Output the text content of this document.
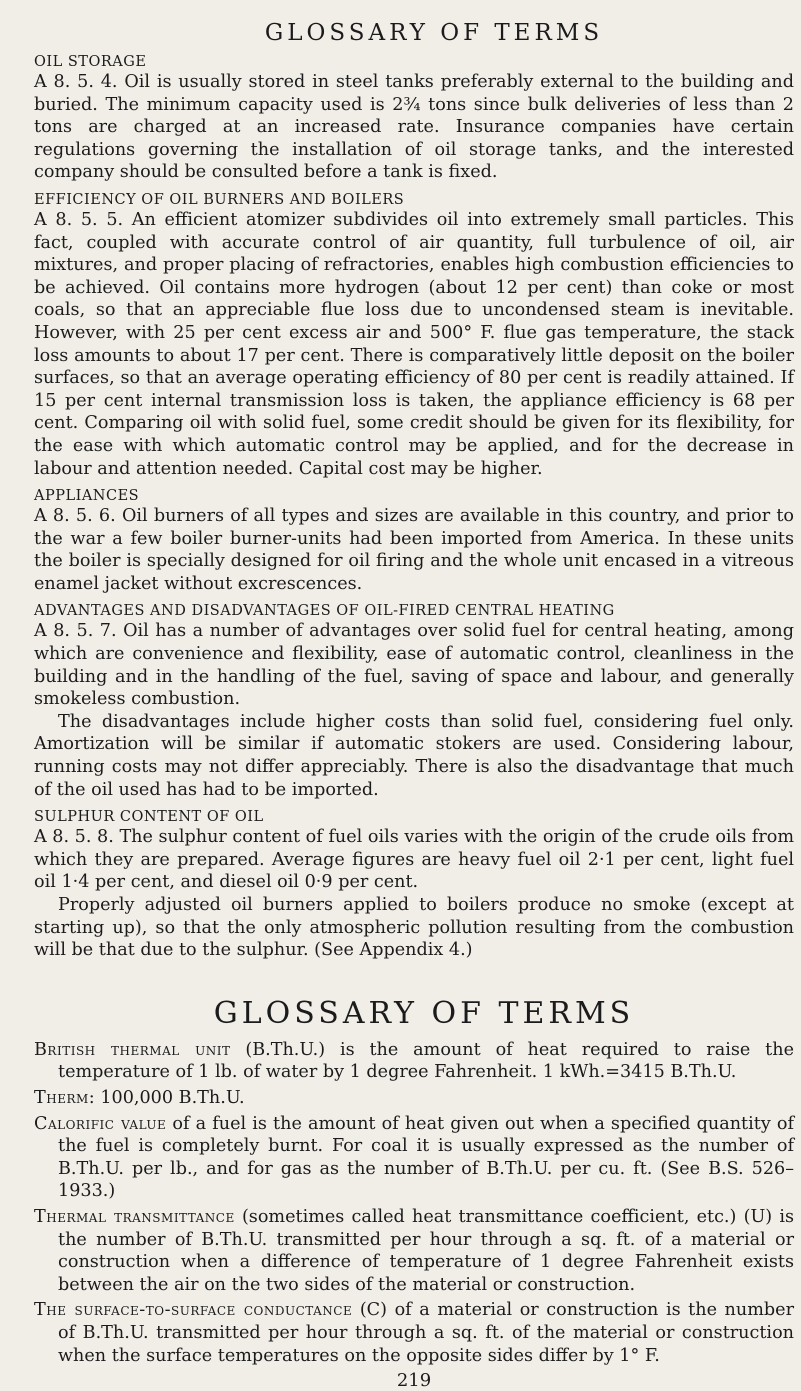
GLOSSARY OF TERMS
OIL STORAGE

A 8. 5. 4. Oil is usually stored in steel tanks preferably external to the building and buried. The minimum capacity used is 2¾ tons since bulk deliveries of less than 2 tons are charged at an increased rate. Insurance companies have certain regulations governing the installation of oil storage tanks, and the interested company should be consulted before a tank is fixed.

EFFICIENCY OF OIL BURNERS AND BOILERS

A 8. 5. 5. An efficient atomizer subdivides oil into extremely small particles. This fact, coupled with accurate control of air quantity, full turbulence of oil, air mixtures, and proper placing of refractories, enables high combustion efficiencies to be achieved. Oil contains more hydrogen (about 12 per cent) than coke or most coals, so that an appreciable flue loss due to uncondensed steam is inevitable. However, with 25 per cent excess air and 500° F. flue gas temperature, the stack loss amounts to about 17 per cent. There is comparatively little deposit on the boiler surfaces, so that an average operating efficiency of 80 per cent is readily attained. If 15 per cent internal transmission loss is taken, the appliance efficiency is 68 per cent. Comparing oil with solid fuel, some credit should be given for its flexibility, for the ease with which automatic control may be applied, and for the decrease in labour and attention needed. Capital cost may be higher.

APPLIANCES

A 8. 5. 6. Oil burners of all types and sizes are available in this country, and prior to the war a few boiler burner-units had been imported from America. In these units the boiler is specially designed for oil firing and the whole unit encased in a vitreous enamel jacket without excrescences.

ADVANTAGES AND DISADVANTAGES OF OIL-FIRED CENTRAL HEATING

A 8. 5. 7. Oil has a number of advantages over solid fuel for central heating, among which are convenience and flexibility, ease of automatic control, cleanliness in the building and in the handling of the fuel, saving of space and labour, and generally smokeless combustion.

The disadvantages include higher costs than solid fuel, considering fuel only. Amortization will be similar if automatic stokers are used. Considering labour, running costs may not differ appreciably. There is also the disadvantage that much of the oil used has had to be imported.

SULPHUR CONTENT OF OIL

A 8. 5. 8. The sulphur content of fuel oils varies with the origin of the crude oils from which they are prepared. Average figures are heavy fuel oil 2·1 per cent, light fuel oil 1·4 per cent, and diesel oil 0·9 per cent.

Properly adjusted oil burners applied to boilers produce no smoke (except at starting up), so that the only atmospheric pollution resulting from the combustion will be that due to the sulphur. (See Appendix 4.)

GLOSSARY OF TERMS

British thermal unit (B.Th.U.) is the amount of heat required to raise the temperature of 1 lb. of water by 1 degree Fahrenheit. 1 kWh.=3415 B.Th.U.

Therm: 100,000 B.Th.U.

Calorific value of a fuel is the amount of heat given out when a specified quantity of the fuel is completely burnt. For coal it is usually expressed as the number of B.Th.U. per lb., and for gas as the number of B.Th.U. per cu. ft. (See B.S. 526–1933.)

Thermal transmittance (sometimes called heat transmittance coefficient, etc.) (U) is the number of B.Th.U. transmitted per hour through a sq. ft. of a material or construction when a difference of temperature of 1 degree Fahrenheit exists between the air on the two sides of the material or construction.

The surface-to-surface conductance (C) of a material or construction is the number of B.Th.U. transmitted per hour through a sq. ft. of the material or construction when the surface temperatures on the opposite sides differ by 1° F.

219
